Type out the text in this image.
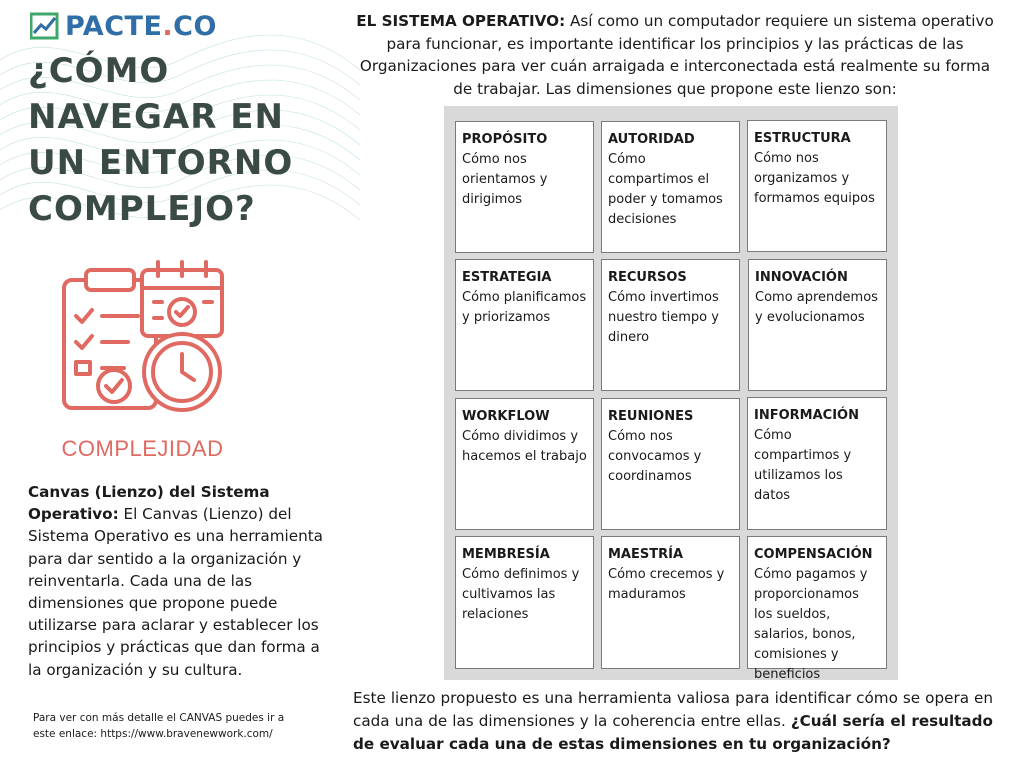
PACTE.CO
¿CÓMO
NAVEGAR EN
UN ENTORNO
COMPLEJO?
COMPLEJIDAD
Canvas (Lienzo) del Sistema Operativo: El Canvas (Lienzo) del Sistema Operativo es una herramienta para dar sentido a la organización y reinventarla. Cada una de las dimensiones que propone puede utilizarse para aclarar y establecer los principios y prácticas que dan forma a la organización y su cultura.
Para ver con más detalle el CANVAS puedes ir a este enlace: https://www.bravenewwork.com/
EL SISTEMA OPERATIVO: Así como un computador requiere un sistema operativo para funcionar, es importante identificar los principios y las prácticas de las Organizaciones para ver cuán arraigada e interconectada está realmente su forma de trabajar. Las dimensiones que propone este lienzo son:
PROPÓSITO
Cómo nos orientamos y dirigimos
AUTORIDAD
Cómo compartimos el poder y tomamos decisiones
ESTRUCTURA
Cómo nos organizamos y formamos equipos
ESTRATEGIA
Cómo planificamos y priorizamos
RECURSOS
Cómo invertimos nuestro tiempo y dinero
INNOVACIÓN
Como aprendemos y evolucionamos
WORKFLOW
Cómo dividimos y hacemos el trabajo
REUNIONES
Cómo nos convocamos y coordinamos
INFORMACIÓN
Cómo compartimos y utilizamos los datos
MEMBRESÍA
Cómo definimos y cultivamos las relaciones
MAESTRÍA
Cómo crecemos y maduramos
COMPENSACIÓN
Cómo pagamos y proporcionamos los sueldos, salarios, bonos, comisiones y beneficios
Este lienzo propuesto es una herramienta valiosa para identificar cómo se opera en cada una de las dimensiones y la coherencia entre ellas. ¿Cuál sería el resultado de evaluar cada una de estas dimensiones en tu organización?
